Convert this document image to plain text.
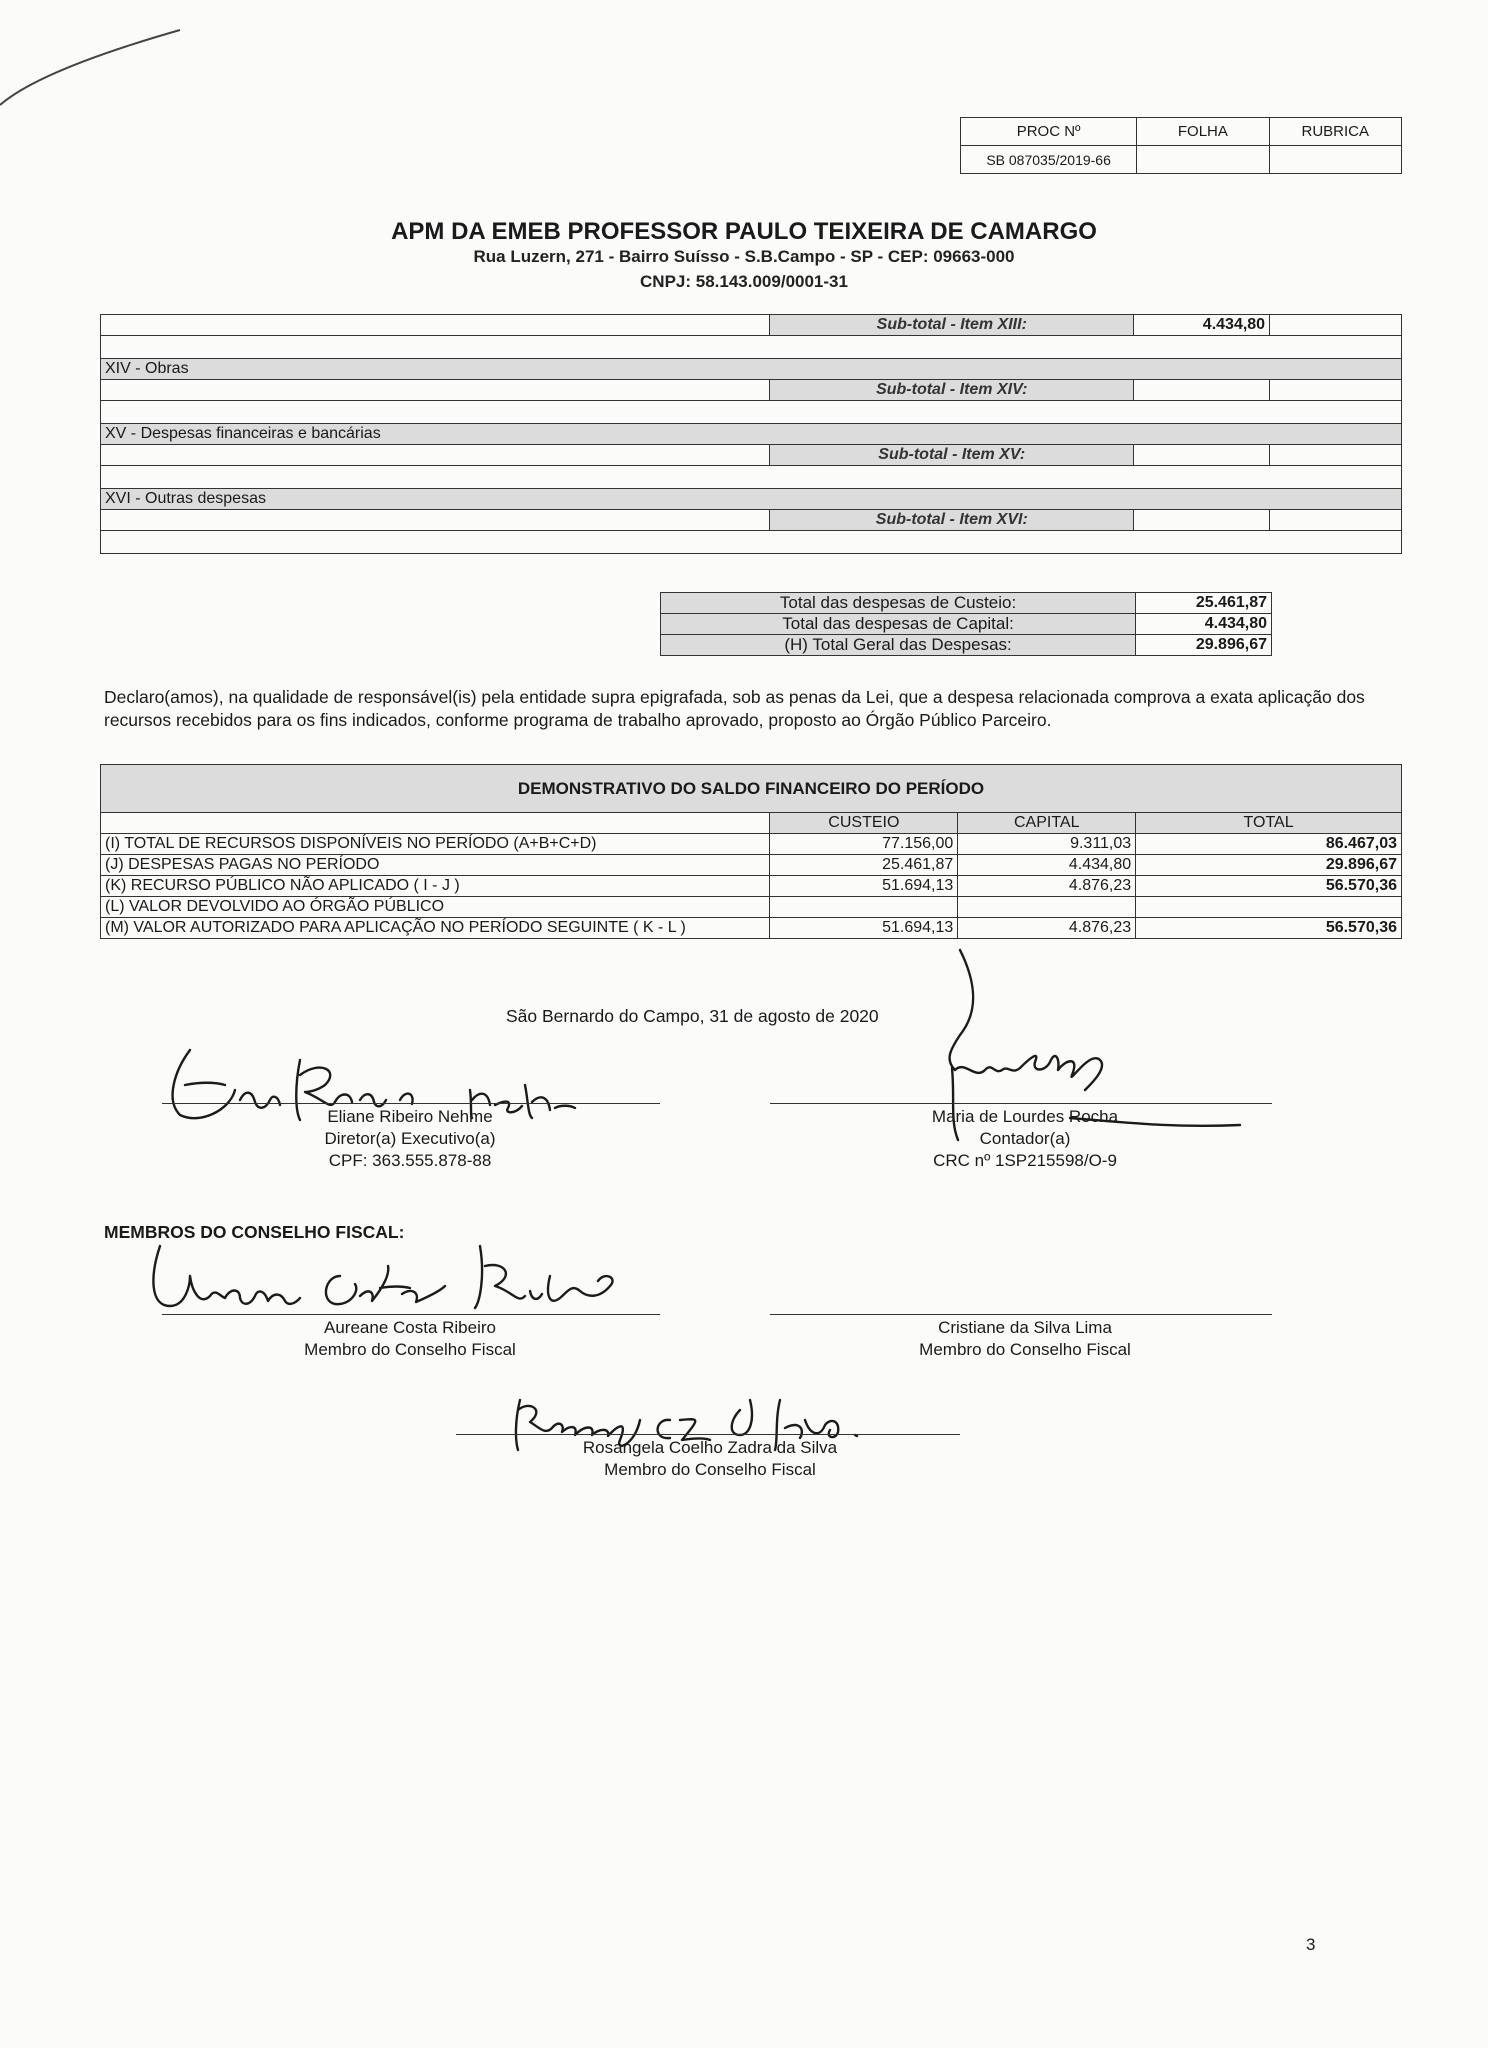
PROC Nº	FOLHA	RUBRICA
SB 087035/2019-66		
APM DA EMEB PROFESSOR PAULO TEIXEIRA DE CAMARGO
Rua Luzern, 271 - Bairro Suísso - S.B.Campo - SP - CEP: 09663-000
CNPJ: 58.143.009/0001-31
	Sub-total - Item XIII:	4.434,80	

XIV - Obras			
	Sub-total - Item XIV:		

XV - Despesas financeiras e bancárias			
	Sub-total - Item XV:		

XVI - Outras despesas			
	Sub-total - Item XVI:		

Total das despesas de Custeio:	25.461,87
Total das despesas de Capital:	4.434,80
(H) Total Geral das Despesas:	29.896,67
Declaro(amos), na qualidade de responsável(is) pela entidade supra epigrafada, sob as penas da Lei, que a despesa relacionada comprova a exata aplicação dos recursos recebidos para os fins indicados, conforme programa de trabalho aprovado, proposto ao Órgão Público Parceiro.
DEMONSTRATIVO DO SALDO FINANCEIRO DO PERÍODO			
	CUSTEIO	CAPITAL	TOTAL
(I) TOTAL DE RECURSOS DISPONÍVEIS NO PERÍODO (A+B+C+D)	77.156,00	9.311,03	86.467,03
(J) DESPESAS PAGAS NO PERÍODO	25.461,87	4.434,80	29.896,67
(K) RECURSO PÚBLICO NÃO APLICADO ( I - J )	51.694,13	4.876,23	56.570,36
(L) VALOR DEVOLVIDO AO ÓRGÃO PÚBLICO			
(M) VALOR AUTORIZADO PARA APLICAÇÃO NO PERÍODO SEGUINTE ( K - L )	51.694,13	4.876,23	56.570,36
São Bernardo do Campo, 31 de agosto de 2020
Eliane Ribeiro Nehme
Diretor(a) Executivo(a)
CPF: 363.555.878-88
Maria de Lourdes Rocha
Contador(a)
CRC nº 1SP215598/O-9
MEMBROS DO CONSELHO FISCAL:
Aureane Costa Ribeiro
Membro do Conselho Fiscal
Cristiane da Silva Lima
Membro do Conselho Fiscal
Rosangela Coelho Zadra da Silva
Membro do Conselho Fiscal
3
